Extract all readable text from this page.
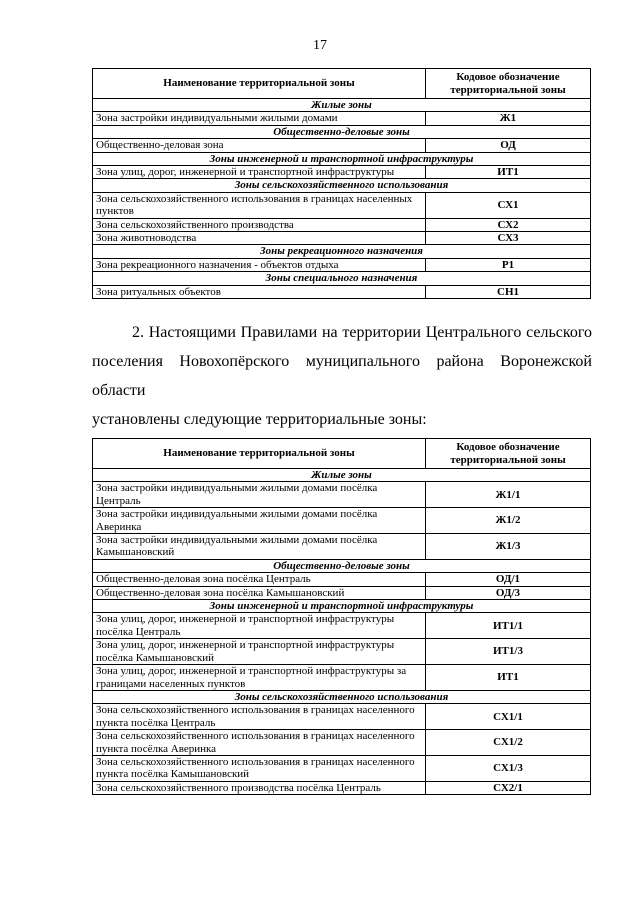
17
Наименование территориальной зоны	Кодовое обозначение территориальной зоны
Жилые зоны	
Зона застройки индивидуальными жилыми домами	Ж1
Общественно-деловые зоны	
Общественно-деловая зона	ОД
Зоны инженерной и транспортной инфраструктуры	
Зона улиц, дорог, инженерной и транспортной инфраструктуры	ИТ1
Зоны сельскохозяйственного использования	
Зона сельскохозяйственного использования в границах населенных пунктов	СХ1
Зона сельскохозяйственного производства	СХ2
Зона животноводства	СХ3
Зоны рекреационного назначения	
Зона рекреационного назначения - объектов отдыха	Р1
Зоны специального назначения	
Зона ритуальных объектов	СН1
2. Настоящими Правилами на территории Центрального сельского
поселения Новохопёрского муниципального района Воронежской области
установлены следующие территориальные зоны:
Наименование территориальной зоны	Кодовое обозначение территориальной зоны
Жилые зоны	
Зона застройки индивидуальными жилыми домами посёлка Централь	Ж1/1
Зона застройки индивидуальными жилыми домами посёлка Аверинка	Ж1/2
Зона застройки индивидуальными жилыми домами посёлка Камышановский	Ж1/3
Общественно-деловые зоны	
Общественно-деловая зона посёлка Централь	ОД/1
Общественно-деловая зона посёлка Камышановский	ОД/3
Зоны инженерной и транспортной инфраструктуры	
Зона улиц, дорог, инженерной и транспортной инфраструктуры посёлка Централь	ИТ1/1
Зона улиц, дорог, инженерной и транспортной инфраструктуры посёлка Камышановский	ИТ1/3
Зона улиц, дорог, инженерной и транспортной инфраструктуры за границами населенных пунктов	ИТ1
Зоны сельскохозяйственного использования	
Зона сельскохозяйственного использования в границах населенного пункта посёлка Централь	СХ1/1
Зона сельскохозяйственного использования в границах населенного пункта посёлка Аверинка	СХ1/2
Зона сельскохозяйственного использования в границах населенного пункта посёлка Камышановский	СХ1/3
Зона сельскохозяйственного производства посёлка Централь	СХ2/1
